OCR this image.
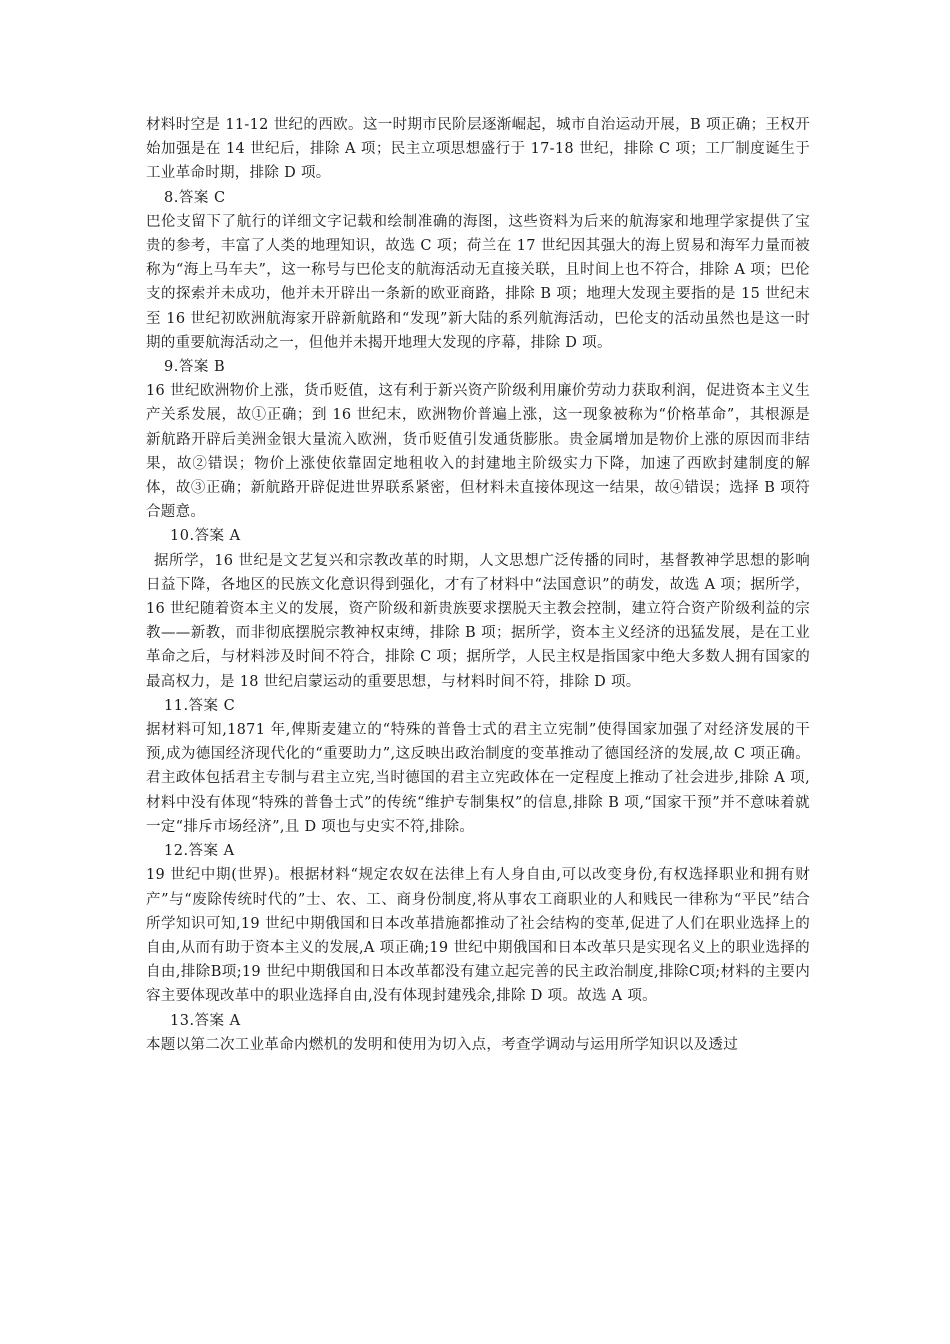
材料时空是 11-12 世纪的西欧。这一时期市民阶层逐渐崛起，城市自治运动开展，B 项正确；王权开始加强是在 14 世纪后，排除 A 项；民主立项思想盛行于 17-18 世纪，排除 C 项；工厂制度诞生于工业革命时期，排除 D 项。

8.答案 C

巴伦支留下了航行的详细文字记载和绘制准确的海图，这些资料为后来的航海家和地理学家提供了宝贵的参考，丰富了人类的地理知识，故选 C 项；荷兰在 17 世纪因其强大的海上贸易和海军力量而被称为“海上马车夫”，这一称号与巴伦支的航海活动无直接关联，且时间上也不符合，排除 A 项；巴伦支的探索并未成功，他并未开辟出一条新的欧亚商路，排除 B 项；地理大发现主要指的是 15 世纪末至 16 世纪初欧洲航海家开辟新航路和“发现”新大陆的系列航海活动，巴伦支的活动虽然也是这一时期的重要航海活动之一，但他并未揭开地理大发现的序幕，排除 D 项。

9.答案 B

16 世纪欧洲物价上涨，货币贬值，这有利于新兴资产阶级利用廉价劳动力获取利润，促进资本主义生产关系发展，故①正确；到 16 世纪末，欧洲物价普遍上涨，这一现象被称为“价格革命”，其根源是新航路开辟后美洲金银大量流入欧洲，货币贬值引发通货膨胀。贵金属增加是物价上涨的原因而非结果，故②错误；物价上涨使依靠固定地租收入的封建地主阶级实力下降，加速了西欧封建制度的解体，故③正确；新航路开辟促进世界联系紧密，但材料未直接体现这一结果，故④错误；选择 B 项符合题意。

10.答案 A

据所学，16 世纪是文艺复兴和宗教改革的时期，人文思想广泛传播的同时，基督教神学思想的影响日益下降，各地区的民族文化意识得到强化，才有了材料中“法国意识”的萌发，故选 A 项；据所学，16 世纪随着资本主义的发展，资产阶级和新贵族要求摆脱天主教会控制，建立符合资产阶级利益的宗教——新教，而非彻底摆脱宗教神权束缚，排除 B 项；据所学，资本主义经济的迅猛发展，是在工业革命之后，与材料涉及时间不符合，排除 C 项；据所学，人民主权是指国家中绝大多数人拥有国家的最高权力，是 18 世纪启蒙运动的重要思想，与材料时间不符，排除 D 项。

11.答案 C

据材料可知,1871 年,俾斯麦建立的“特殊的普鲁士式的君主立宪制”使得国家加强了对经济发展的干预,成为德国经济现代化的“重要助力”,这反映出政治制度的变革推动了德国经济的发展,故 C 项正确。君主政体包括君主专制与君主立宪,当时德国的君主立宪政体在一定程度上推动了社会进步,排除 A 项,材料中没有体现“特殊的普鲁士式”的传统“维护专制集权”的信息,排除 B 项,“国家干预”并不意味着就一定“排斥市场经济”,且 D 项也与史实不符,排除。

12.答案 A

19 世纪中期(世界)。根据材料“规定农奴在法律上有人身自由,可以改变身份,有权选择职业和拥有财产”与“废除传统时代的”士、农、工、商身份制度,将从事农工商职业的人和贱民一律称为“平民”结合所学知识可知,19 世纪中期俄国和日本改革措施都推动了社会结构的变革,促进了人们在职业选择上的自由,从而有助于资本主义的发展,A 项正确;19 世纪中期俄国和日本改革只是实现名义上的职业选择的自由,排除B项;19 世纪中期俄国和日本改革都没有建立起完善的民主政治制度,排除C项;材料的主要内容主要体现改革中的职业选择自由,没有体现封建残余,排除 D 项。故选 A 项。

13.答案 A

本题以第二次工业革命内燃机的发明和使用为切入点，考查学调动与运用所学知识以及透过
